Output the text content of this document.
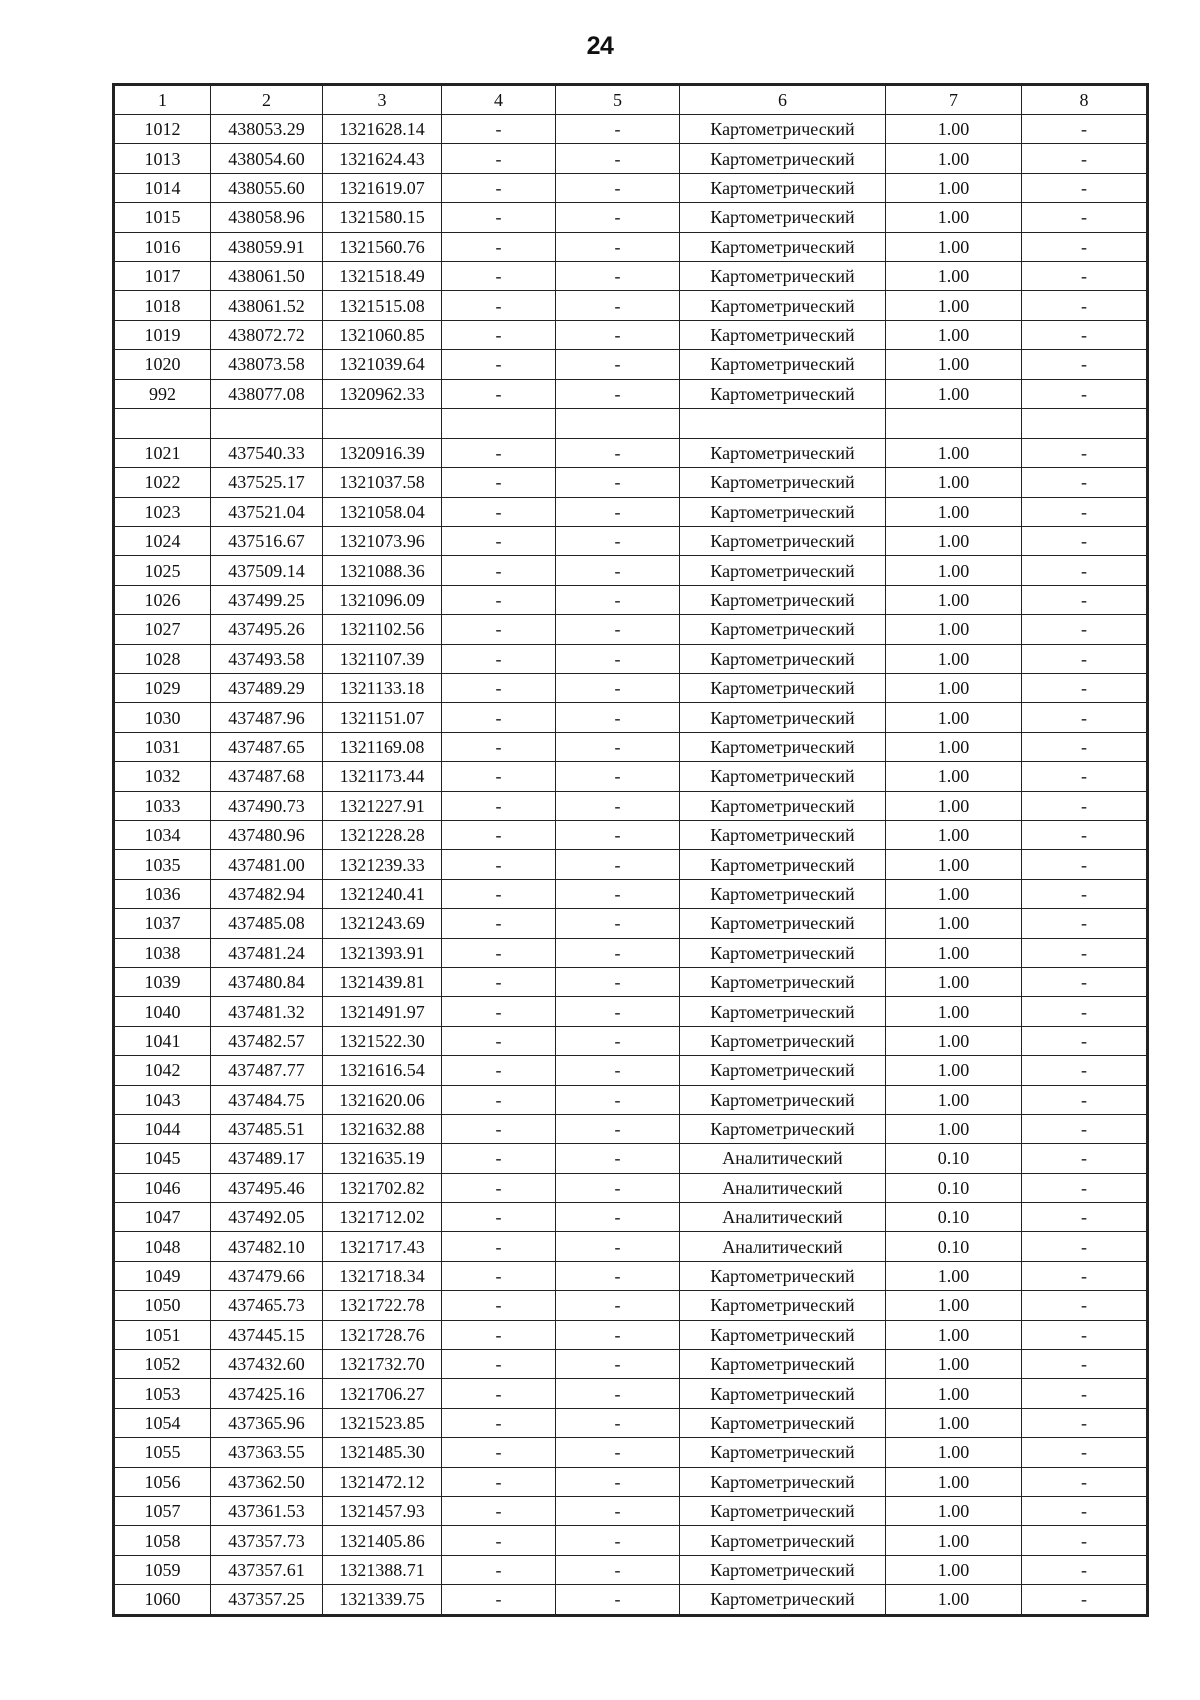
24
1	2	3	4	5	6	7	8
1012	438053.29	1321628.14	-	-	Картометрический	1.00	-
1013	438054.60	1321624.43	-	-	Картометрический	1.00	-
1014	438055.60	1321619.07	-	-	Картометрический	1.00	-
1015	438058.96	1321580.15	-	-	Картометрический	1.00	-
1016	438059.91	1321560.76	-	-	Картометрический	1.00	-
1017	438061.50	1321518.49	-	-	Картометрический	1.00	-
1018	438061.52	1321515.08	-	-	Картометрический	1.00	-
1019	438072.72	1321060.85	-	-	Картометрический	1.00	-
1020	438073.58	1321039.64	-	-	Картометрический	1.00	-
992	438077.08	1320962.33	-	-	Картометрический	1.00	-

1021	437540.33	1320916.39	-	-	Картометрический	1.00	-
1022	437525.17	1321037.58	-	-	Картометрический	1.00	-
1023	437521.04	1321058.04	-	-	Картометрический	1.00	-
1024	437516.67	1321073.96	-	-	Картометрический	1.00	-
1025	437509.14	1321088.36	-	-	Картометрический	1.00	-
1026	437499.25	1321096.09	-	-	Картометрический	1.00	-
1027	437495.26	1321102.56	-	-	Картометрический	1.00	-
1028	437493.58	1321107.39	-	-	Картометрический	1.00	-
1029	437489.29	1321133.18	-	-	Картометрический	1.00	-
1030	437487.96	1321151.07	-	-	Картометрический	1.00	-
1031	437487.65	1321169.08	-	-	Картометрический	1.00	-
1032	437487.68	1321173.44	-	-	Картометрический	1.00	-
1033	437490.73	1321227.91	-	-	Картометрический	1.00	-
1034	437480.96	1321228.28	-	-	Картометрический	1.00	-
1035	437481.00	1321239.33	-	-	Картометрический	1.00	-
1036	437482.94	1321240.41	-	-	Картометрический	1.00	-
1037	437485.08	1321243.69	-	-	Картометрический	1.00	-
1038	437481.24	1321393.91	-	-	Картометрический	1.00	-
1039	437480.84	1321439.81	-	-	Картометрический	1.00	-
1040	437481.32	1321491.97	-	-	Картометрический	1.00	-
1041	437482.57	1321522.30	-	-	Картометрический	1.00	-
1042	437487.77	1321616.54	-	-	Картометрический	1.00	-
1043	437484.75	1321620.06	-	-	Картометрический	1.00	-
1044	437485.51	1321632.88	-	-	Картометрический	1.00	-
1045	437489.17	1321635.19	-	-	Аналитический	0.10	-
1046	437495.46	1321702.82	-	-	Аналитический	0.10	-
1047	437492.05	1321712.02	-	-	Аналитический	0.10	-
1048	437482.10	1321717.43	-	-	Аналитический	0.10	-
1049	437479.66	1321718.34	-	-	Картометрический	1.00	-
1050	437465.73	1321722.78	-	-	Картометрический	1.00	-
1051	437445.15	1321728.76	-	-	Картометрический	1.00	-
1052	437432.60	1321732.70	-	-	Картометрический	1.00	-
1053	437425.16	1321706.27	-	-	Картометрический	1.00	-
1054	437365.96	1321523.85	-	-	Картометрический	1.00	-
1055	437363.55	1321485.30	-	-	Картометрический	1.00	-
1056	437362.50	1321472.12	-	-	Картометрический	1.00	-
1057	437361.53	1321457.93	-	-	Картометрический	1.00	-
1058	437357.73	1321405.86	-	-	Картометрический	1.00	-
1059	437357.61	1321388.71	-	-	Картометрический	1.00	-
1060	437357.25	1321339.75	-	-	Картометрический	1.00	-
